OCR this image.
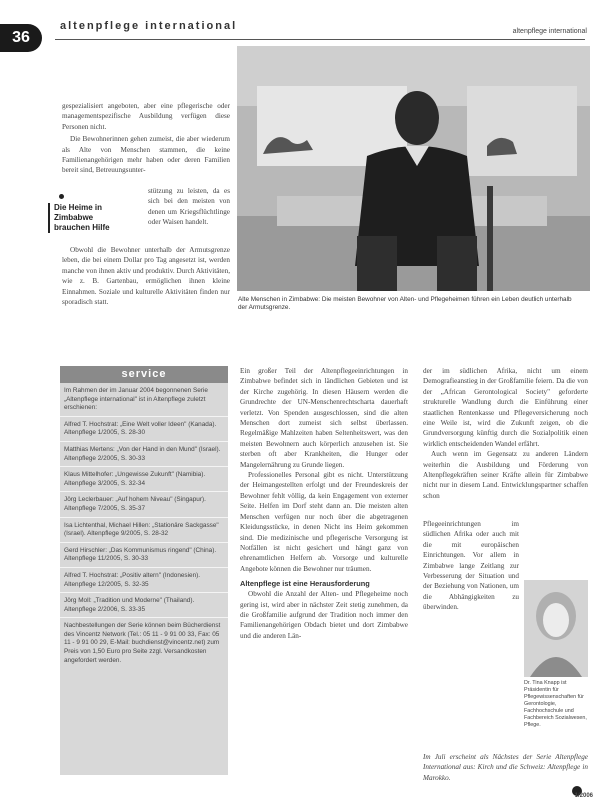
36
altenpflege international	altenpflege international
Alte Menschen in Zimbabwe: Die meisten Bewohner von Alten- und Pflegeheimen führen ein Leben deutlich unterhalb der Armutsgrenze.

gespezialisiert angeboten, aber eine pflegerische oder managementspezifische Ausbildung verfügen diese Personen nicht.

Die Bewohnerinnen gehen zumeist, die aber wiederum als Alte von Menschen stammen, die keine Familienangehörigen mehr haben oder deren Familien bereit sind, Betreuungsunter-

stützung zu leisten, da es sich bei den meisten von denen um Kriegsflüchtlinge oder Waisen handelt.

Obwohl die Bewohner unterhalb der Armutsgrenze leben, die bei einem Dollar pro Tag angesetzt ist, werden manche von ihnen aktiv und produktiv. Durch Aktivitäten, wie z. B. Gartenbau, ermöglichen ihnen kleine Einnahmen. Soziale und kulturelle Aktivitäten finden nur sporadisch statt.

Die Heime in Zimbabwe brauchen Hilfe
service

Im Rahmen der im Januar 2004 begonnenen Serie „Altenpflege international" ist in Altenpflege zuletzt erschienen:

Alfred T. Hochstrat: „Eine Welt voller Ideen" (Kanada). Altenpflege 1/2005, S. 28-30

Matthias Mertens: „Von der Hand in den Mund" (Israel). Altenpflege 2/2005, S. 30-33

Klaus Mittelhofer: „Ungewisse Zukunft" (Namibia). Altenpflege 3/2005, S. 32-34

Jörg Leclerbauer: „Auf hohem Niveau" (Singapur). Altenpflege 7/2005, S. 35-37

Isa Lichtenthal, Michael Hillen: „Stationäre Sackgasse" (Israel). Altenpflege 9/2005, S. 28-32

Gerd Hirschler: „Das Kommunismus ringend" (China). Altenpflege 11/2005, S. 30-33

Alfred T. Hochstrat: „Positiv altern" (Indonesien). Altenpflege 12/2005, S. 32-35

Jörg Moll: „Tradition und Moderne" (Thailand). Altenpflege 2/2006, S. 33-35

Nachbestellungen der Serie können beim Bücherdienst des Vincentz Network (Tel.: 05 11 - 9 91 00 33, Fax: 05 11 - 9 91 00 29, E-Mail: buchdienst@vincentz.net) zum Preis von 1,50 Euro pro Seite zzgl. Versandkosten angefordert werden.

Ein großer Teil der Altenpflegeeinrichtungen in Zimbabwe befindet sich in ländlichen Gebieten und ist der Kirche zugehörig. In diesen Häusern werden die Grundrechte der UN-Menschenrechtscharta dauerhaft verletzt. Von Spenden ausgeschlossen, sind die alten Menschen dort zumeist sich selbst überlassen. Regelmäßige Mahlzeiten haben Seltenheitswert, was den meisten Bewohnern auch körperlich anzusehen ist. Sie sterben oft aber Krankheiten, die Hunger oder Mangelernährung zu Grunde liegen.

Professionelles Personal gibt es nicht. Unterstützung der Heimangestellten erfolgt und der Freundeskreis der Bewohner fehlt völlig, da kein Engagement von externer Seite. Helfen im Dorf steht dann an. Die meisten alten Menschen verfügen nur noch über die abgetragenen Kleidungsstücke, in denen Nicht ins Heim gekommen sind. Die medizinische und pflegerische Versorgung ist Notfällen ist nicht gesichert und hängt ganz von ehrenamtlichen Helfern ab. Vorsorge und kulturelle Angebote können die Bewohner nur träumen.

Altenpflege ist eine Herausforderung

Obwohl die Anzahl der Alten- und Pflegeheime noch gering ist, wird aber in nächster Zeit stetig zunehmen, da die Großfamilie aufgrund der Tradition noch immer den Familienangehörigen Obdach bietet und dort Zimbabwe und die anderen Län-

der im südlichen Afrika, nicht um einem Demografieanstieg in der Großfamilie feiern. Da die von der „African Gerontological Society" geforderte strukturelle Wandlung durch die Einführung einer staatlichen Rentenkasse und Pflegeversicherung noch eine Weile ist, wird die Zukunft zeigen, ob die Grundversorgung künftig durch die Sozialpolitik einen wirklich entscheidenden Wandel erfährt.

Auch wenn im Gegensatz zu anderen Ländern weiterhin die Ausbildung und Förderung von Altenpflegekräften seiner Kräfte allein für Zimbabwe nicht nur in diesem Land. Entwicklungspartner schaffen schon

Pflegeeinrichtungen im südlichen Afrika oder auch mit die mit europäischen Einrichtungen. Vor allem in Zimbabwe lange Zeitlang zur Verbesserung der Situation und der Beziehung von Nationen, um die Abhängigkeiten zu überwinden.

Dr. Tina Knapp ist Präsidentin für Pflegewissenschaften für Gerontologie, Fachhochschule und Fachbereich Sozialwesen, Pflege.

Im Juli erscheint als Nächstes der Serie Altenpflege International aus: Kirch und die Schweiz: Altenpflege in Marokko.

1/2006
